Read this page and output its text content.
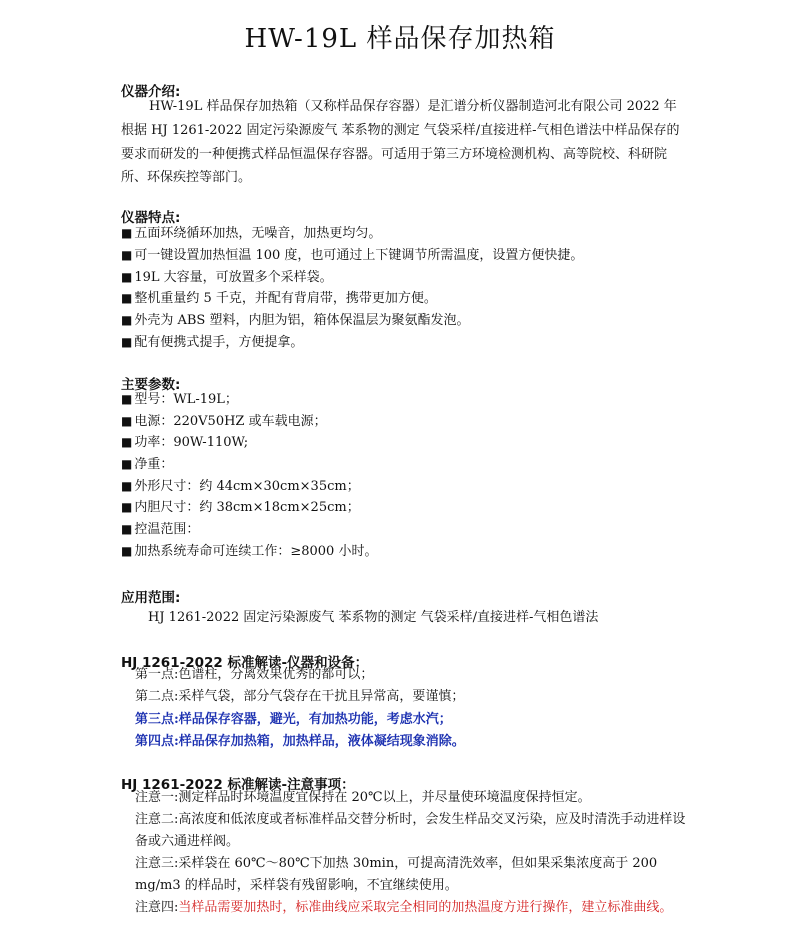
HW-19L 样品保存加热箱
仪器介绍:

HW-19L 样品保存加热箱（又称样品保存容器）是汇谱分析仪器制造河北有限公司 2022 年根据 HJ 1261-2022 固定污染源废气 苯系物的测定 气袋采样/直接进样-气相色谱法中样品保存的要求而研发的一种便携式样品恒温保存容器。可适用于第三方环境检测机构、高等院校、科研院所、环保疾控等部门。

仪器特点:
■ 五面环绕循环加热，无噪音，加热更均匀。
■ 可一键设置加热恒温 100 度，也可通过上下键调节所需温度，设置方便快捷。
■ 19L 大容量，可放置多个采样袋。
■ 整机重量约 5 千克，并配有背肩带，携带更加方便。
■ 外壳为 ABS 塑料，内胆为铝，箱体保温层为聚氨酯发泡。
■ 配有便携式提手，方便提拿。
主要参数:
■ 型号：WL-19L；
■ 电源：220V50HZ 或车载电源；
■ 功率：90W-110W;
■ 净重：
■ 外形尺寸：约 44cm×30cm×35cm；
■ 内胆尺寸：约 38cm×18cm×25cm；
■ 控温范围：
■ 加热系统寿命可连续工作：≥8000 小时。
应用范围:
HJ 1261-2022 固定污染源废气 苯系物的测定 气袋采样/直接进样-气相色谱法
HJ 1261-2022 标准解读-仪器和设备：
第一点:色谱柱，分离效果优秀的都可以；
第二点:采样气袋，部分气袋存在干扰且异常高，要谨慎；
第三点:样品保存容器，避光，有加热功能，考虑水汽；
第四点:样品保存加热箱，加热样品，液体凝结现象消除。
HJ 1261-2022 标准解读-注意事项：

注意一:测定样品时环境温度宜保持在 20℃以上，并尽量使环境温度保持恒定。

注意二:高浓度和低浓度或者标准样品交替分析时，会发生样品交叉污染，应及时清洗手动进样设备或六通进样阀。

注意三:采样袋在 60℃～80℃下加热 30min，可提高清洗效率，但如果采集浓度高于 200 mg/m3 的样品时，采样袋有残留影响，不宜继续使用。

注意四:当样品需要加热时，标准曲线应采取完全相同的加热温度方进行操作，建立标准曲线。
